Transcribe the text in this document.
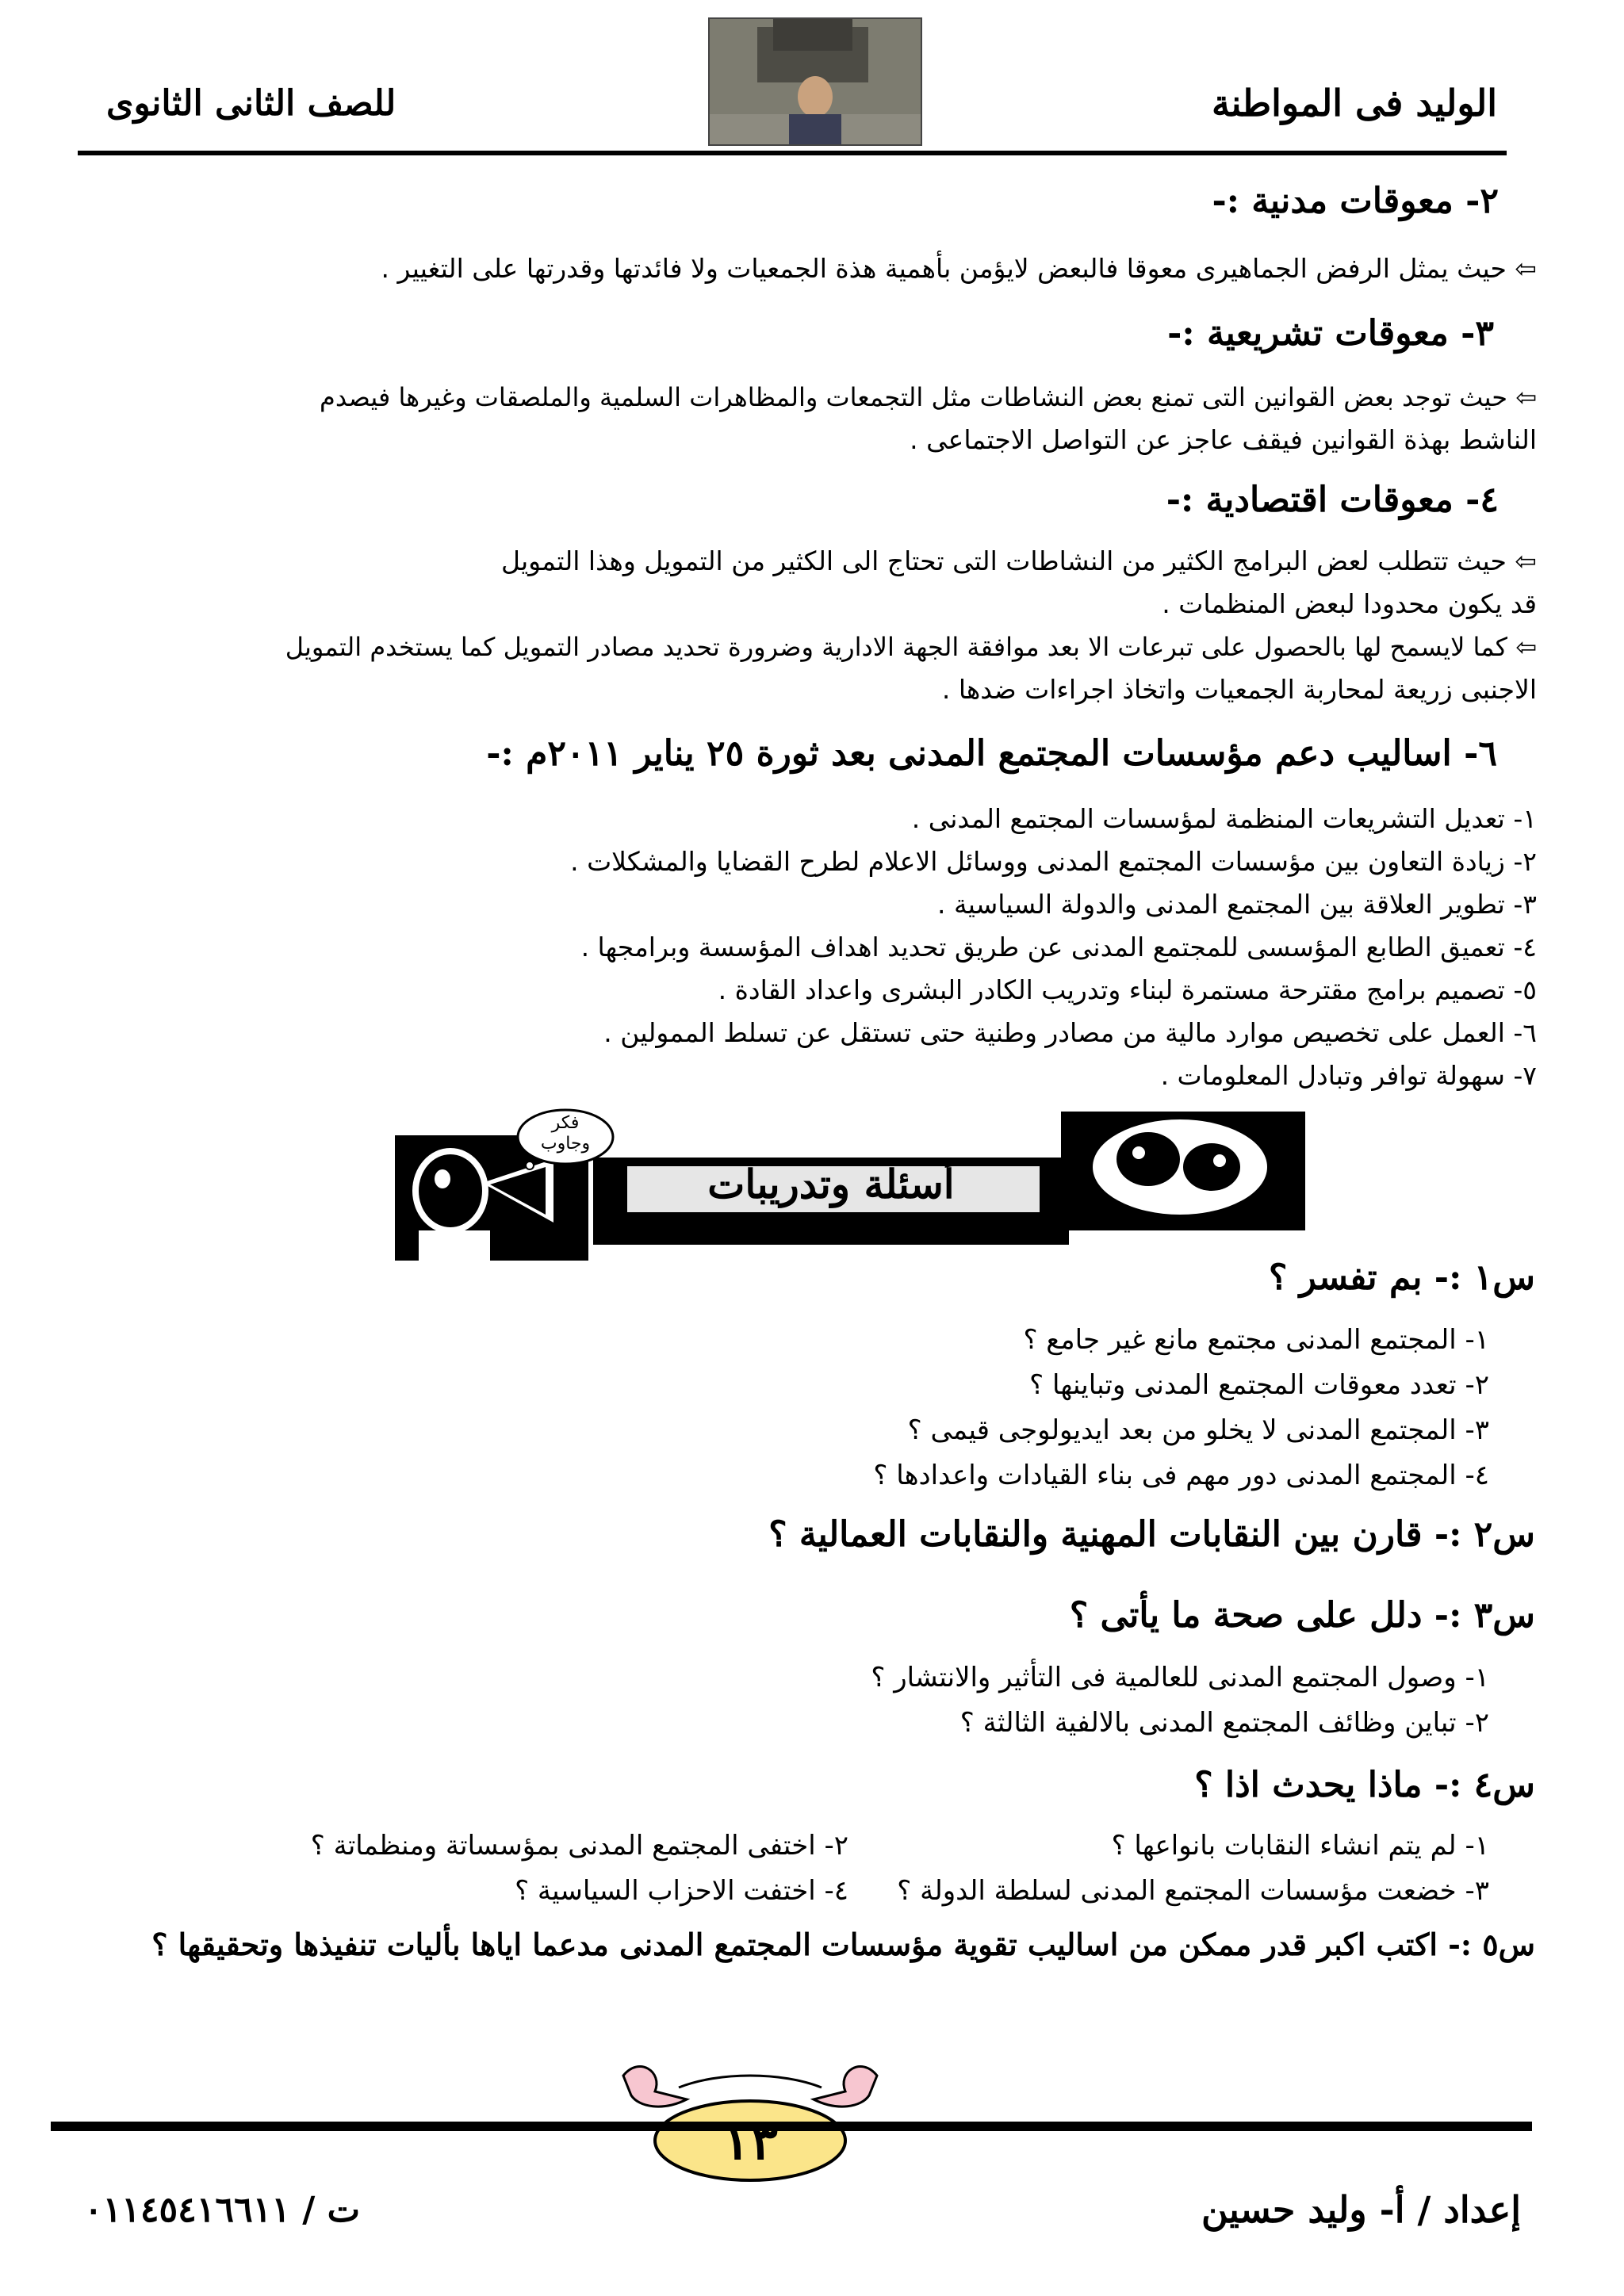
الوليد فى المواطنة
للصف الثانى الثانوى
٢- معوقات مدنية :-
⇦ حيث يمثل الرفض الجماهيرى معوقا فالبعض لايؤمن بأهمية هذة الجمعيات ولا فائدتها وقدرتها على التغيير .
٣- معوقات تشريعية :-
⇦ حيث توجد بعض القوانين التى تمنع بعض النشاطات مثل التجمعات والمظاهرات السلمية والملصقات وغيرها فيصدم
الناشط بهذة القوانين فيقف عاجز عن التواصل الاجتماعى .
٤- معوقات اقتصادية :-
⇦ حيث تتطلب لعض البرامج الكثير من النشاطات التى تحتاج الى الكثير من التمويل وهذا التمويل
قد يكون محدودا لبعض المنظمات .
⇦ كما لايسمح لها بالحصول على تبرعات الا بعد موافقة الجهة الادارية وضرورة تحديد مصادر التمويل كما يستخدم التمويل
الاجنبى زريعة لمحاربة الجمعيات واتخاذ اجراءات ضدها .
٦- اساليب دعم مؤسسات المجتمع المدنى بعد ثورة ٢٥ يناير ٢٠١١م :-
١- تعديل التشريعات المنظمة لمؤسسات المجتمع المدنى .
٢- زيادة التعاون بين مؤسسات المجتمع المدنى ووسائل الاعلام لطرح القضايا والمشكلات .
٣- تطوير العلاقة بين المجتمع المدنى والدولة السياسية .
٤- تعميق الطابع المؤسسى للمجتمع المدنى عن طريق تحديد اهداف المؤسسة وبرامجها .
٥- تصميم برامج مقترحة مستمرة لبناء وتدريب الكادر البشرى واعداد القادة .
٦- العمل على تخصيص موارد مالية من مصادر وطنية حتى تستقل عن تسلط الممولين .
٧- سهولة توافر وتبادل المعلومات .
أسئلة وتدريبات
فكر
وجاوب
س١ :- بم تفسر ؟
١- المجتمع المدنى مجتمع مانع غير جامع ؟
٢- تعدد معوقات المجتمع المدنى وتباينها ؟
٣- المجتمع المدنى لا يخلو من بعد ايديولوجى قيمى ؟
٤- المجتمع المدنى دور مهم فى بناء القيادات واعدادها ؟
س٢ :- قارن بين النقابات المهنية والنقابات العمالية ؟
س٣ :- دلل على صحة ما يأتى ؟
١- وصول المجتمع المدنى للعالمية فى التأثير والانتشار ؟
٢- تباين وظائف المجتمع المدنى بالالفية الثالثة ؟
س٤ :- ماذا يحدث اذا ؟
١- لم يتم انشاء النقابات بانواعها ؟
٣- خضعت مؤسسات المجتمع المدنى لسلطة الدولة ؟
٢- اختفى المجتمع المدنى بمؤسساتة ومنظماتة ؟
٤- اختفت الاحزاب السياسية ؟
س٥ :- اكتب اكبر قدر ممكن من اساليب تقوية مؤسسات المجتمع المدنى مدعما اياها بأليات تنفيذها وتحقيقها ؟
١٣
إعداد / أ- وليد حسين
ت / ٠١١٤٥٤١٦٦١١
